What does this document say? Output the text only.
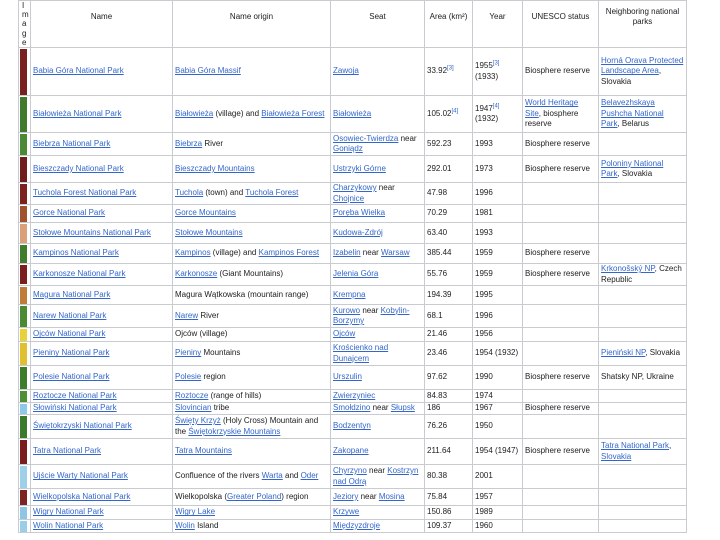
Image	Name	Name origin	Seat	Area (km²)	Year	UNESCO status	Neighboring national parks

	Babia Góra National Park	Babia Góra Massif	Zawoja	33.92[3]	1955[3](1933)	Biosphere reserve	Horná Orava Protected Landscape Area, Slovakia

	Białowieża National Park	Białowieża (village) and Białowieża Forest	Białowieża	105.02[4]	1947[4](1932)	World Heritage Site, biosphere reserve	Belavezhskaya Pushcha National Park, Belarus

	Biebrza National Park	Biebrza River	Osowiec-Twierdza near Goniądz	592.23	1993	Biosphere reserve	

	Bieszczady National Park	Bieszczady Mountains	Ustrzyki Górne	292.01	1973	Biosphere reserve	Poloniny National Park, Slovakia

	Tuchola Forest National Park	Tuchola (town) and Tuchola Forest	Charzykowy near Chojnice	47.98	1996		

	Gorce National Park	Gorce Mountains	Poręba Wielka	70.29	1981		

	Stołowe Mountains National Park	Stołowe Mountains	Kudowa-Zdrój	63.40	1993		

	Kampinos National Park	Kampinos (village) and Kampinos Forest	Izabelin near Warsaw	385.44	1959	Biosphere reserve	

	Karkonosze National Park	Karkonosze (Giant Mountains)	Jelenia Góra	55.76	1959	Biosphere reserve	Krkonošský NP, Czech Republic

	Magura National Park	Magura Wątkowska (mountain range)	Krempna	194.39	1995		

	Narew National Park	Narew River	Kurowo near Kobylin-Borzymy	68.1	1996		

	Ojców National Park	Ojców (village)	Ojców	21.46	1956		

	Pieniny National Park	Pieniny Mountains	Krościenko nad Dunajcem	23.46	1954 (1932)		Pieniński NP, Slovakia

	Polesie National Park	Polesie region	Urszulin	97.62	1990	Biosphere reserve	Shatsky NP, Ukraine

	Roztocze National Park	Roztocze (range of hills)	Zwierzyniec	84.83	1974		

	Słowiński National Park	Slovincian tribe	Smołdzino near Słupsk	186	1967	Biosphere reserve	

	Świętokrzyski National Park	Święty Krzyż (Holy Cross) Mountain and the Świętokrzyskie Mountains	Bodzentyn	76.26	1950		

	Tatra National Park	Tatra Mountains	Zakopane	211.64	1954 (1947)	Biosphere reserve	Tatra National Park, Slovakia

	Ujście Warty National Park	Confluence of the rivers Warta and Oder	Chyrzyno near Kostrzyn nad Odrą	80.38	2001		

	Wielkopolska National Park	Wielkopolska (Greater Poland) region	Jeziory near Mosina	75.84	1957		

	Wigry National Park	Wigry Lake	Krzywe	150.86	1989		

	Wolin National Park	Wolin Island	Międzyzdroje	109.37	1960		
